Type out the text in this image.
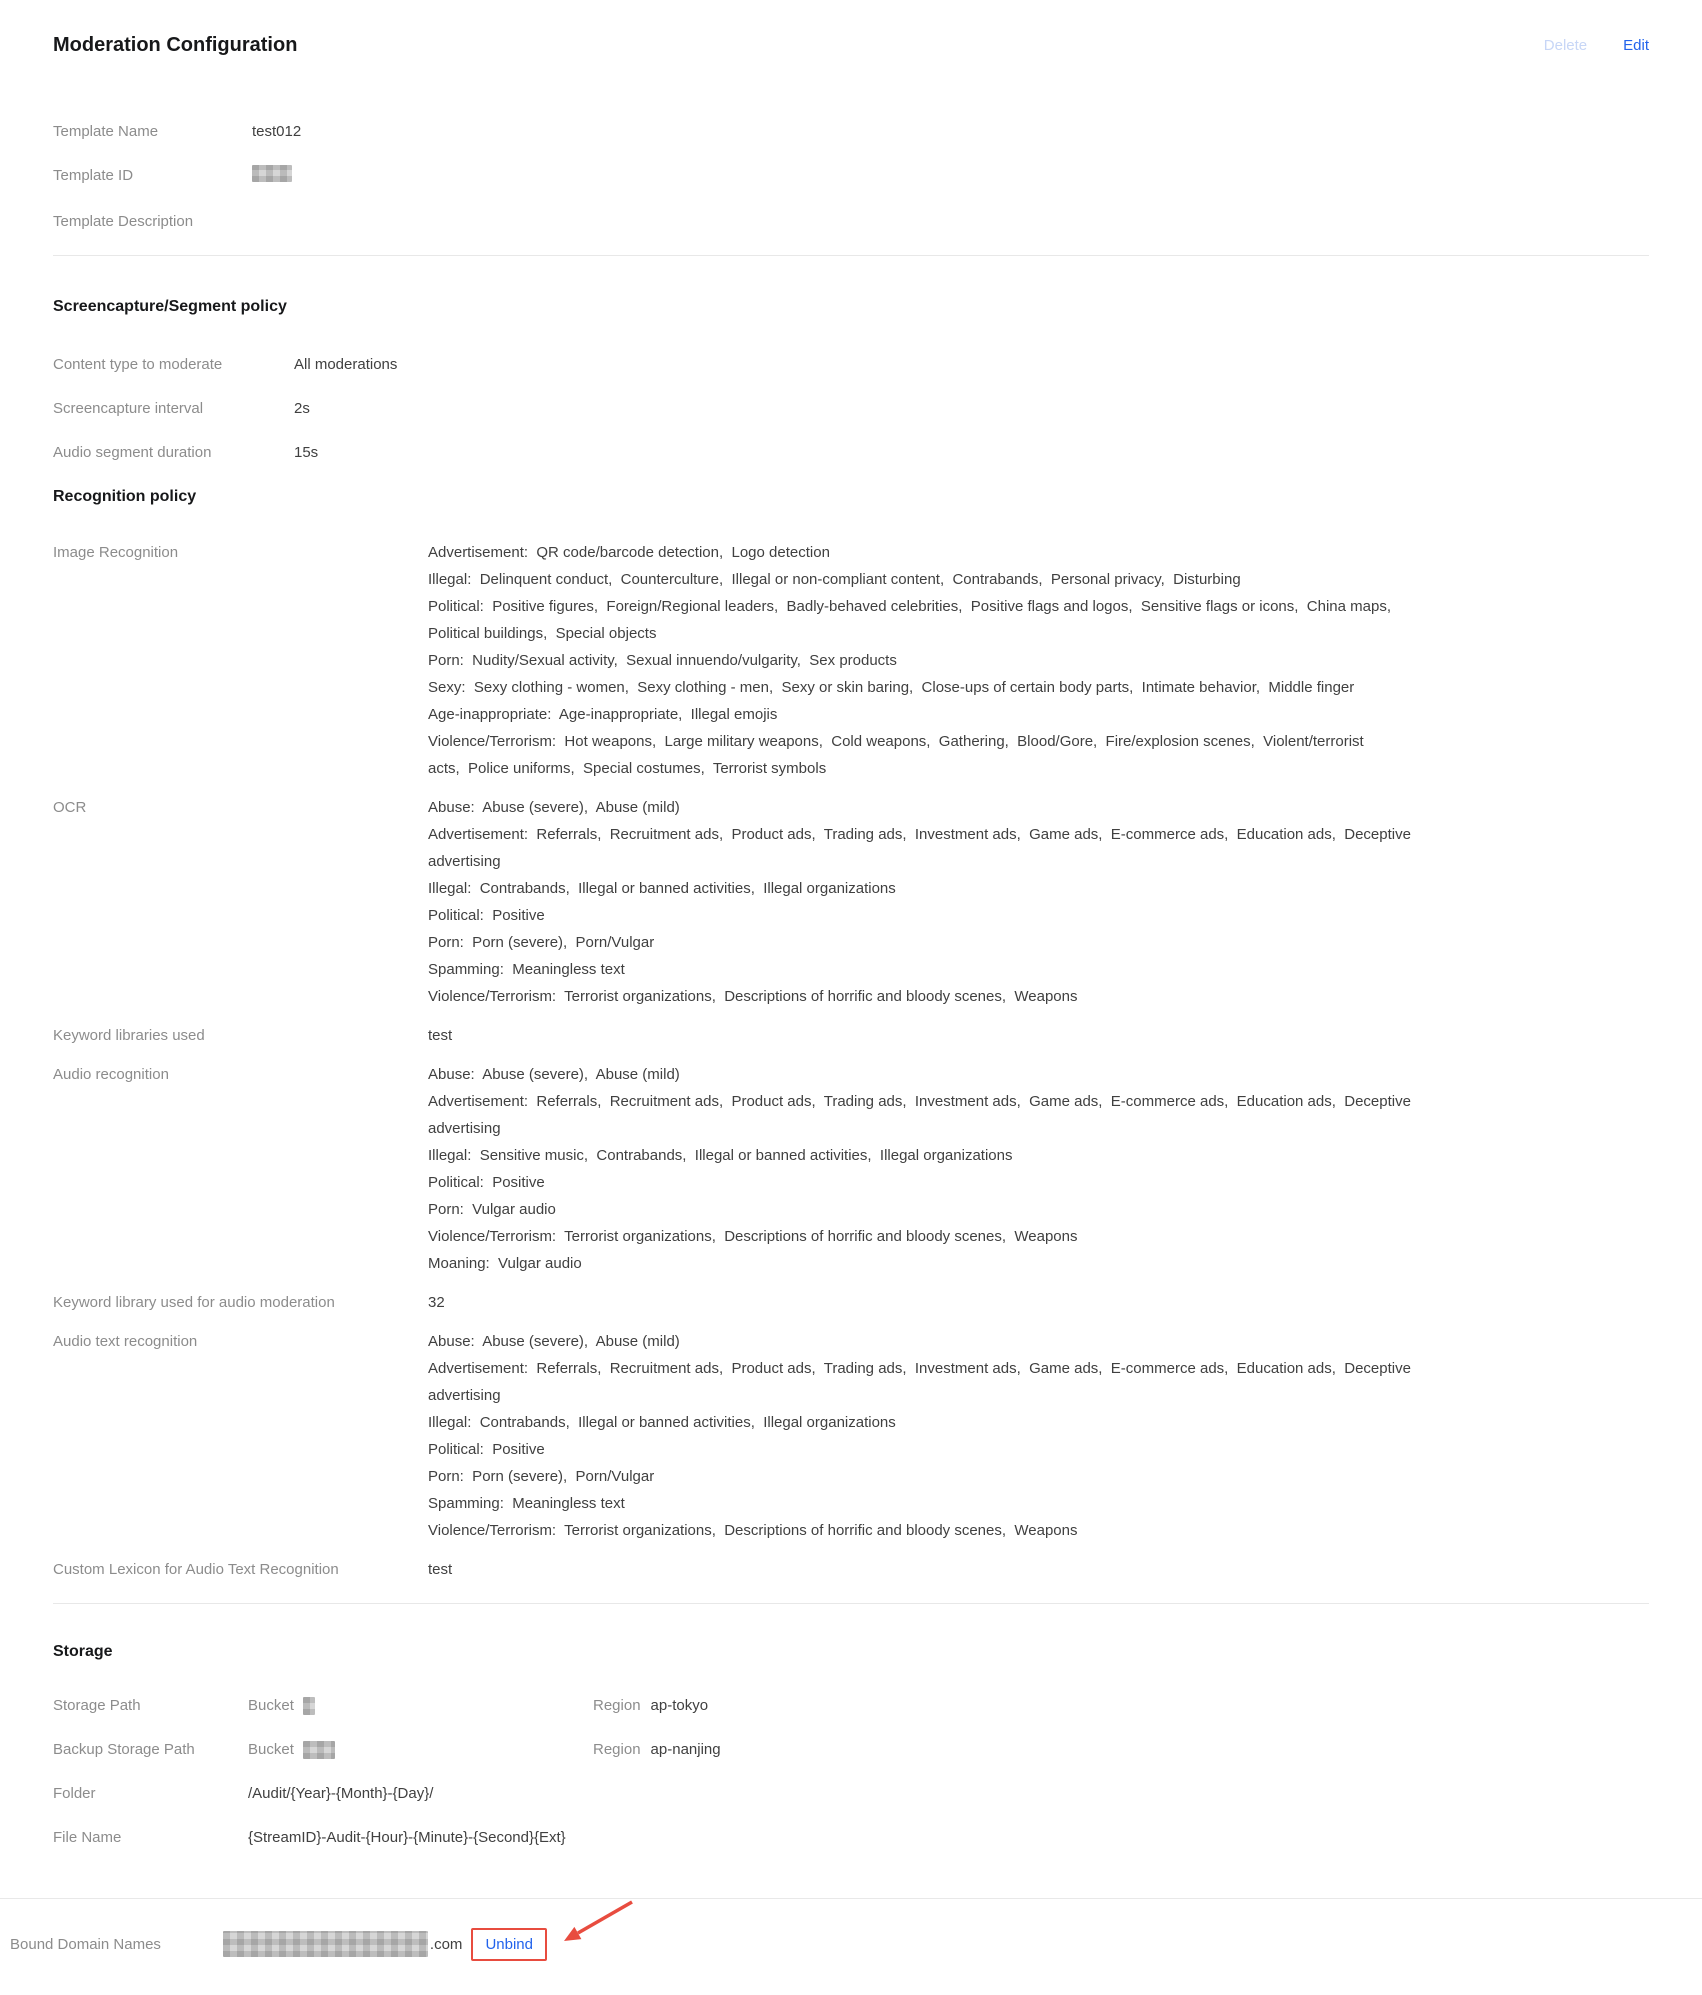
Moderation Configuration	Delete Edit
Template Name	test012
Template ID
Template Description
Screencapture/Segment policy
Content type to moderate	All moderations
Screencapture interval	2s
Audio segment duration	15s
Recognition policy
Image Recognition	Advertisement:  QR code/barcode detection,  Logo detection
Illegal:  Delinquent conduct,  Counterculture,  Illegal or non-compliant content,  Contrabands,  Personal privacy,  Disturbing
Political:  Positive figures,  Foreign/Regional leaders,  Badly-behaved celebrities,  Positive flags and logos,  Sensitive flags or icons,  China maps,
Political buildings,  Special objects
Porn:  Nudity/Sexual activity,  Sexual innuendo/vulgarity,  Sex products
Sexy:  Sexy clothing - women,  Sexy clothing - men,  Sexy or skin baring,  Close-ups of certain body parts,  Intimate behavior,  Middle finger
Age-inappropriate:  Age-inappropriate,  Illegal emojis
Violence/Terrorism:  Hot weapons,  Large military weapons,  Cold weapons,  Gathering,  Blood/Gore,  Fire/explosion scenes,  Violent/terrorist
acts,  Police uniforms,  Special costumes,  Terrorist symbols
OCR	Abuse:  Abuse (severe),  Abuse (mild)
Advertisement:  Referrals,  Recruitment ads,  Product ads,  Trading ads,  Investment ads,  Game ads,  E-commerce ads,  Education ads,  Deceptive
advertising
Illegal:  Contrabands,  Illegal or banned activities,  Illegal organizations
Political:  Positive
Porn:  Porn (severe),  Porn/Vulgar
Spamming:  Meaningless text
Violence/Terrorism:  Terrorist organizations,  Descriptions of horrific and bloody scenes,  Weapons
Keyword libraries used	test
Audio recognition	Abuse:  Abuse (severe),  Abuse (mild)
Advertisement:  Referrals,  Recruitment ads,  Product ads,  Trading ads,  Investment ads,  Game ads,  E-commerce ads,  Education ads,  Deceptive
advertising
Illegal:  Sensitive music,  Contrabands,  Illegal or banned activities,  Illegal organizations
Political:  Positive
Porn:  Vulgar audio
Violence/Terrorism:  Terrorist organizations,  Descriptions of horrific and bloody scenes,  Weapons
Moaning:  Vulgar audio
Keyword library used for audio moderation	32
Audio text recognition	Abuse:  Abuse (severe),  Abuse (mild)
Advertisement:  Referrals,  Recruitment ads,  Product ads,  Trading ads,  Investment ads,  Game ads,  E-commerce ads,  Education ads,  Deceptive
advertising
Illegal:  Contrabands,  Illegal or banned activities,  Illegal organizations
Political:  Positive
Porn:  Porn (severe),  Porn/Vulgar
Spamming:  Meaningless text
Violence/Terrorism:  Terrorist organizations,  Descriptions of horrific and bloody scenes,  Weapons
Custom Lexicon for Audio Text Recognition	test
Storage
Storage Path	Bucket	Region ap-tokyo
Backup Storage Path	Bucket	Region ap-nanjing
Folder	/Audit/{Year}-{Month}-{Day}/
File Name	{StreamID}-Audit-{Hour}-{Minute}-{Second}{Ext}
Bound Domain Names	.com Unbind
